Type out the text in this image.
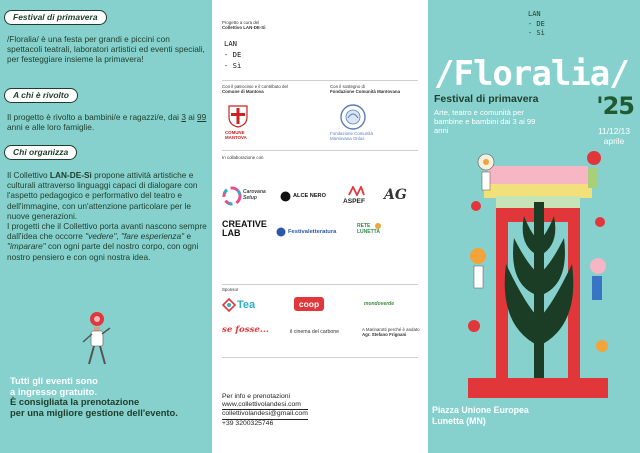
Festival di primavera
/Floralia/ è una festa per grandi e piccini con spettacoli teatrali, laboratori artistici ed eventi speciali, per festeggiare insieme la primavera!
A chi è rivolto
Il progetto è rivolto a bambini/e e ragazzi/e, dai 3 ai 99 anni e alle loro famiglie.
Chi organizza
Il Collettivo LAN-DE-Sì propone attività artistiche e culturali attraverso linguaggi capaci di dialogare con l'aspetto pedagogico e performativo del teatro e dell'immagine, con un'attenzione particolare per le nuove generazioni.
I progetti che il Collettivo porta avanti nascono sempre dall'idea che occorre "vedere", "fare esperienza" e "imparare" con ogni parte del nostro corpo, con ogni nostro pensiero e con ogni nostra idea.
Tutti gli eventi sono
a ingresso gratuito.
È consigliata la prenotazione
per una migliore gestione dell'evento.
Progetto a cura del
Collettivo LAN-DE-Sì
LAN
- DE
- Sì
Con il patrocinio e il contributo del
Comune di Mantova
Con il sostegno di
Fondazione Comunità Mantovana
COMUNE
MANTOVA
Fondazione Comunità
Mantovana Onlus
In collaborazione con
Carovana Setup	ALCE NERO
ASPEF AG
CREATIVE LAB	Festivaletteratura
RETE LUNETTA
Sponsor
Tea	coop	mondoverde
se fosse...	il cinema del carbone	A Marinarotti perché è andato
Agr. Stefano Frignani
Per info e prenotazioni
www.collettivolandesi.com
collettivolandesi@gmail.com
+39 3200325746
LAN
- DE
- Sì
/Floralia/
Festival di primavera
Arte, teatro e comunità per bambine e bambini dai 3 ai 99 anni
'25
11/12/13
aprile
Piazza Unione Europea
Lunetta (MN)
